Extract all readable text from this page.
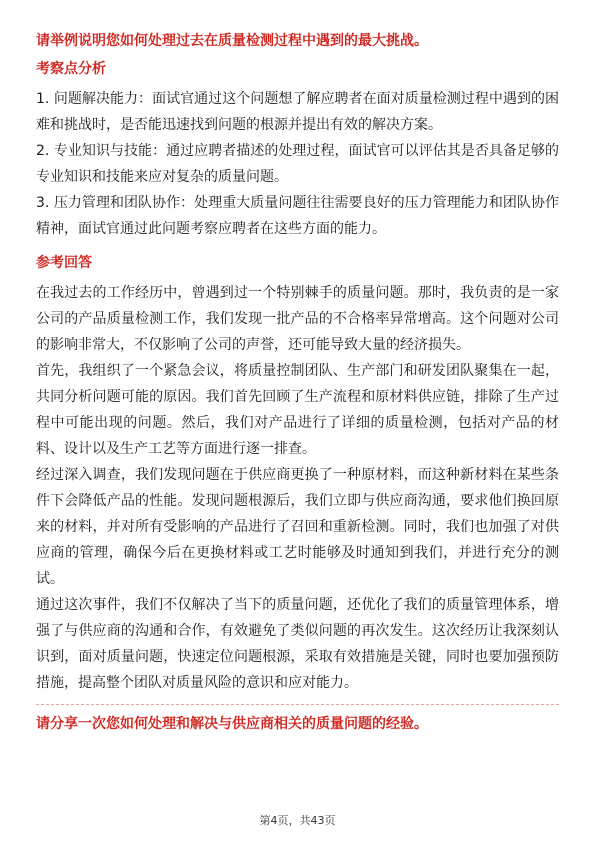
请举例说明您如何处理过去在质量检测过程中遇到的最大挑战。

考察点分析

1. 问题解决能力：面试官通过这个问题想了解应聘者在面对质量检测过程中遇到的困难和挑战时，是否能迅速找到问题的根源并提出有效的解决方案。

2. 专业知识与技能：通过应聘者描述的处理过程，面试官可以评估其是否具备足够的专业知识和技能来应对复杂的质量问题。

3. 压力管理和团队协作：处理重大质量问题往往需要良好的压力管理能力和团队协作精神，面试官通过此问题考察应聘者在这些方面的能力。

参考回答

在我过去的工作经历中，曾遇到过一个特别棘手的质量问题。那时，我负责的是一家公司的产品质量检测工作，我们发现一批产品的不合格率异常增高。这个问题对公司的影响非常大，不仅影响了公司的声誉，还可能导致大量的经济损失。

首先，我组织了一个紧急会议，将质量控制团队、生产部门和研发团队聚集在一起，共同分析问题可能的原因。我们首先回顾了生产流程和原材料供应链，排除了生产过程中可能出现的问题。然后，我们对产品进行了详细的质量检测，包括对产品的材料、设计以及生产工艺等方面进行逐一排查。

经过深入调查，我们发现问题在于供应商更换了一种原材料，而这种新材料在某些条件下会降低产品的性能。发现问题根源后，我们立即与供应商沟通，要求他们换回原来的材料，并对所有受影响的产品进行了召回和重新检测。同时，我们也加强了对供应商的管理，确保今后在更换材料或工艺时能够及时通知到我们，并进行充分的测试。

通过这次事件，我们不仅解决了当下的质量问题，还优化了我们的质量管理体系，增强了与供应商的沟通和合作，有效避免了类似问题的再次发生。这次经历让我深刻认识到，面对质量问题，快速定位问题根源，采取有效措施是关键，同时也要加强预防措施，提高整个团队对质量风险的意识和应对能力。

请分享一次您如何处理和解决与供应商相关的质量问题的经验。

第4页，共43页
